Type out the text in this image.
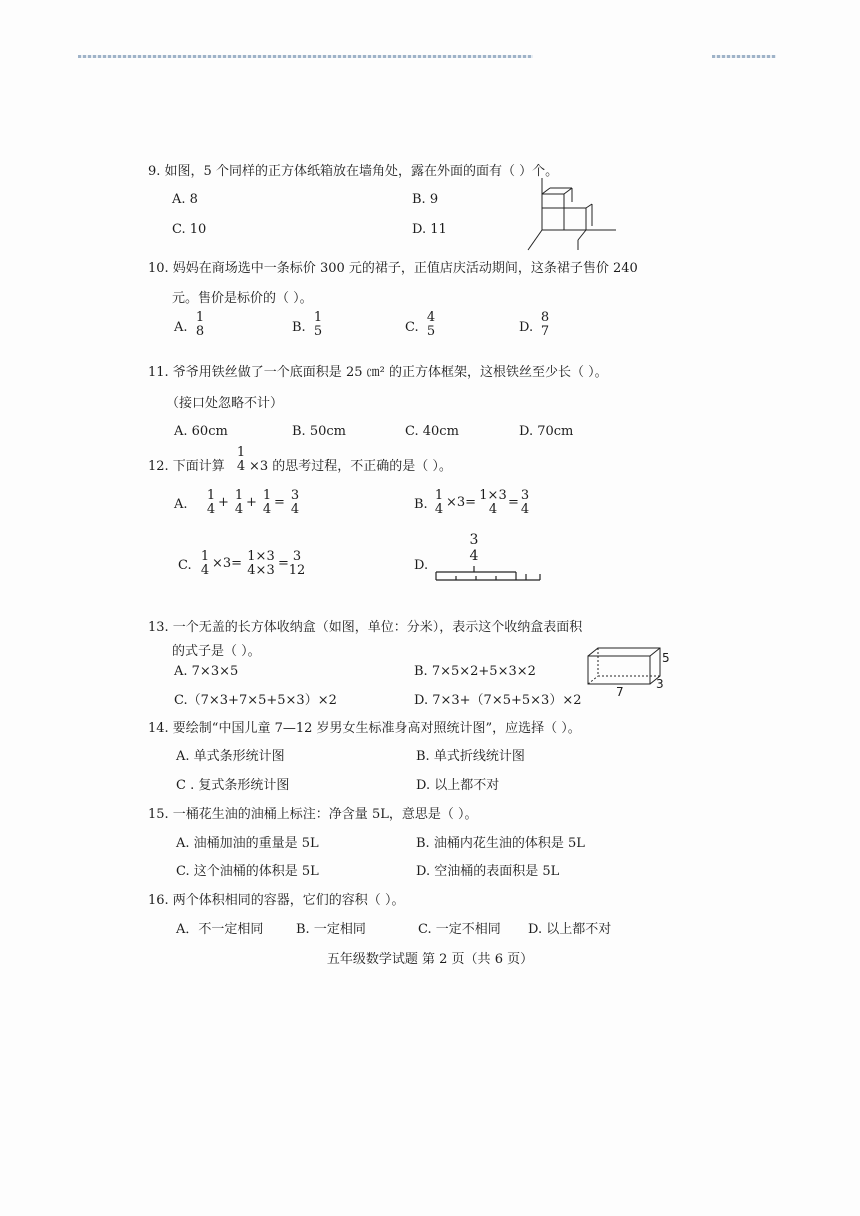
9. 如图，5 个同样的正方体纸箱放在墙角处，露在外面的面有（ ）个。
A. 8	B. 9
C. 10	D. 11
10. 妈妈在商场选中一条标价 300 元的裙子，正值店庆活动期间，这条裙子售价 240
元。售价是标价的（ ）。
A.
1
8	B.
1
5	C.
4
5	D.
8
7
11. 爷爷用铁丝做了一个底面积是 25 ㎝² 的正方体框架，这根铁丝至少长（ ）。
（接口处忽略不计）
A. 60cm	B. 50cm	C. 40cm	D. 70cm
12. 下面计算
1
4 ×3 的思考过程，不正确的是（ ）。
A.
1
4 + 1
4 + 1
4 = 3
4	B.
1
4 ×3= 1×3
4 = 3
4
C.
1
4 ×3= 1×3
4×3 = 3
12	D.
3
4
13. 一个无盖的长方体收纳盒（如图，单位：分米），表示这个收纳盒表面积
的式子是（ ）。
A. 7×3×5	B. 7×5×2+5×3×2
C.（7×3+7×5+5×3）×2	D. 7×3+（7×5+5×3）×2
5
3
7
14. 要绘制“中国儿童 7—12 岁男女生标准身高对照统计图”，应选择（ ）。
A. 单式条形统计图	B. 单式折线统计图
C . 复式条形统计图	D. 以上都不对
15. 一桶花生油的油桶上标注：净含量 5L，意思是（ ）。
A. 油桶加油的重量是 5L	B. 油桶内花生油的体积是 5L
C. 这个油桶的体积是 5L	D. 空油桶的表面积是 5L
16. 两个体积相同的容器，它们的容积（ ）。
A．不一定相同	B. 一定相同	C. 一定不相同 D. 以上都不对
五年级数学试题 第 2 页（共 6 页）
